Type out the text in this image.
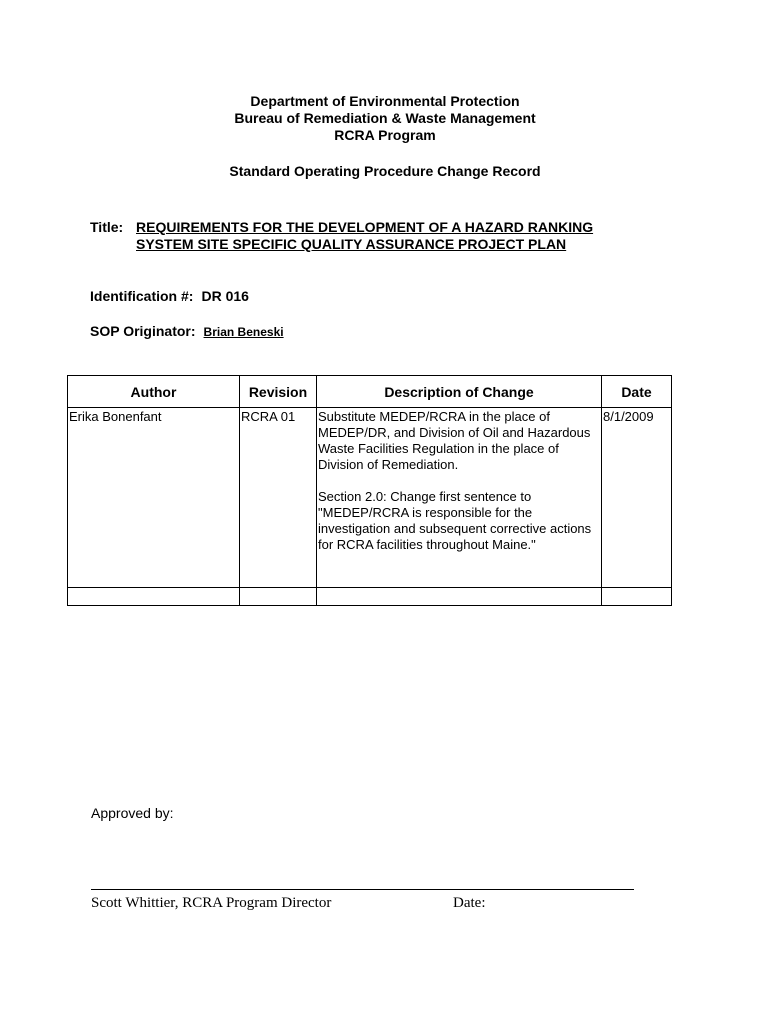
Department of Environmental Protection
Bureau of Remediation & Waste Management
RCRA Program
Standard Operating Procedure Change Record
Title: REQUIREMENTS FOR THE DEVELOPMENT OF A HAZARD RANKING
SYSTEM SITE SPECIFIC QUALITY ASSURANCE PROJECT PLAN
Identification #: DR 016
SOP Originator: Brian Beneski
Author	Revision	Description of Change	Date
Erika Bonenfant	RCRA 01	Substitute MEDEP/RCRA in the place of MEDEP/DR, and Division of Oil and Hazardous Waste Facilities Regulation in the place of Division of Remediation.
Section 2.0: Change first sentence to "MEDEP/RCRA is responsible for the investigation and subsequent corrective actions for RCRA facilities throughout Maine."	8/1/2009

Approved by:
Scott Whittier, RCRA Program Director	Date:
